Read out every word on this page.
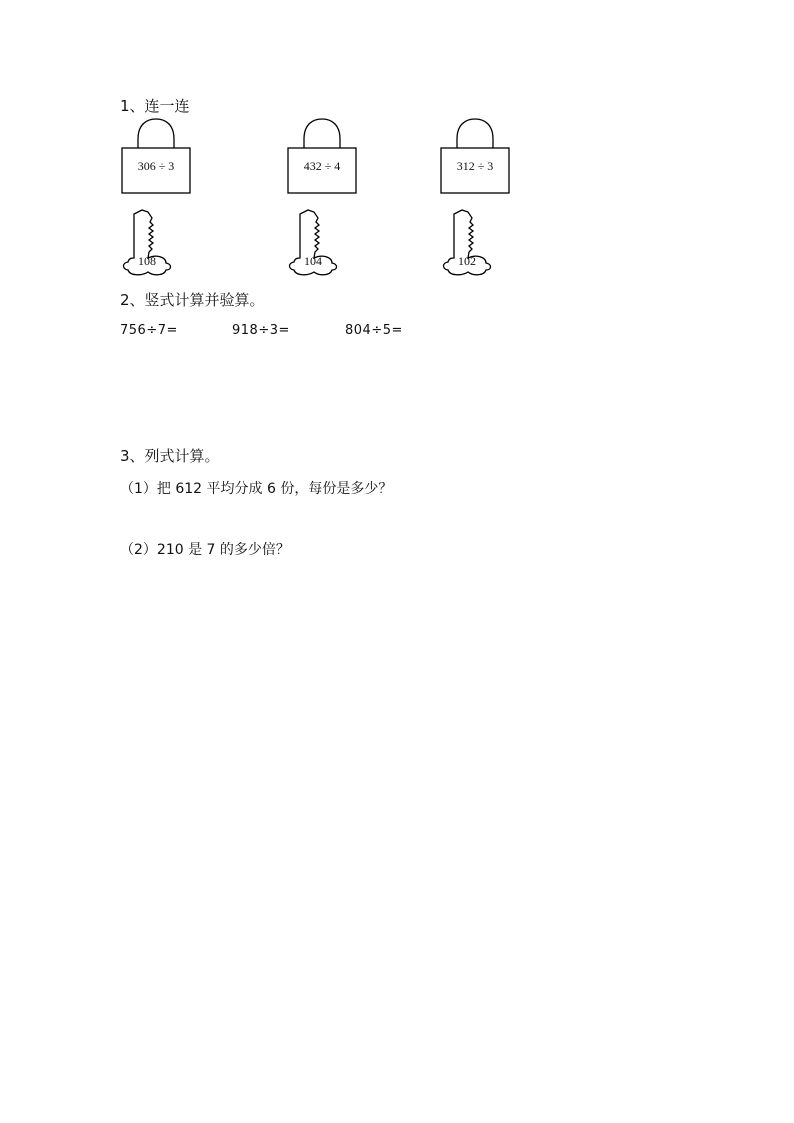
1、连一连
306 ÷ 3	432 ÷ 4	312 ÷ 3
108	104	102
2、竖式计算并验算。
756÷7=	918÷3=	804÷5=
3、列式计算。
（1）把 612 平均分成 6 份，每份是多少？
（2）210 是 7 的多少倍？
